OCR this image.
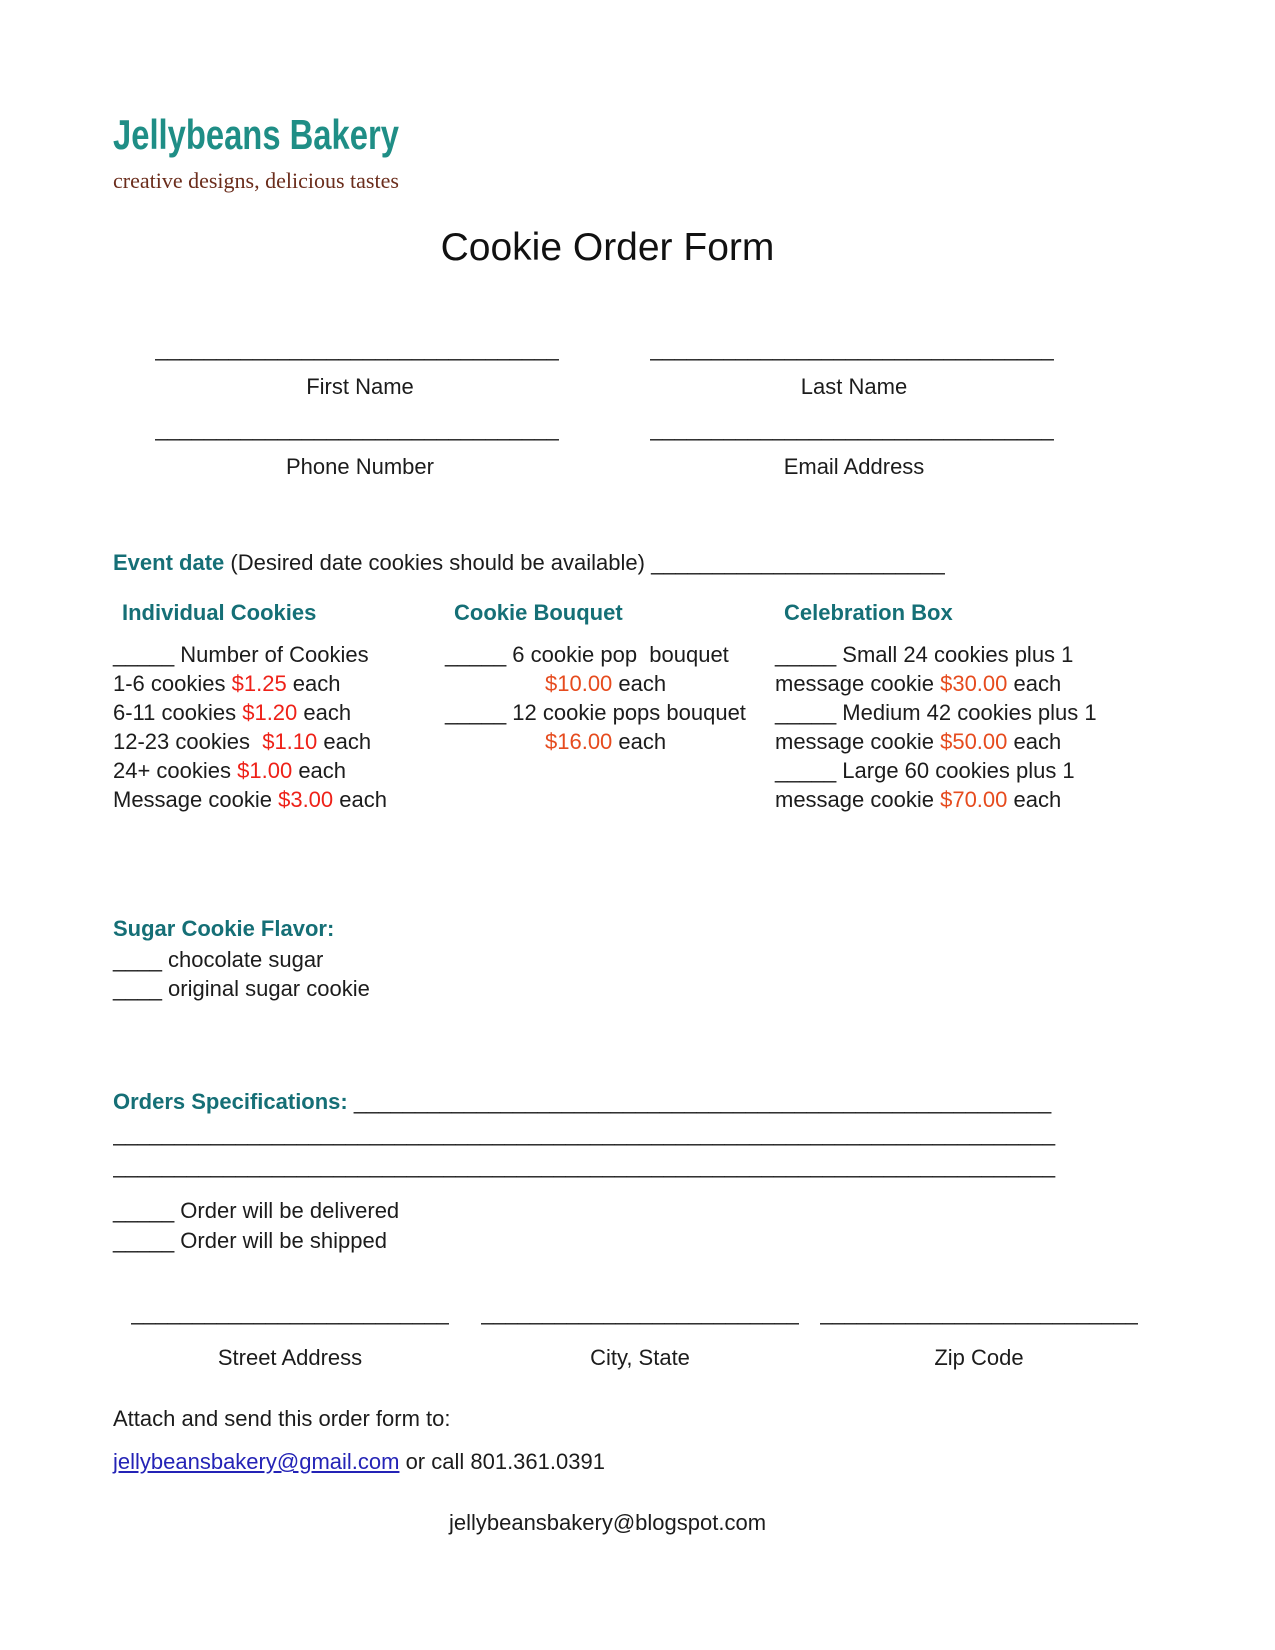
Jellybeans Bakery
creative designs, delicious tastes
Cookie Order Form
_________________________________
First Name
_________________________________
Last Name
_________________________________
Phone Number
_________________________________
Email Address
Event date (Desired date cookies should be available) ________________________
Individual Cookies
_____ Number of Cookies
1-6 cookies $1.25 each
6-11 cookies $1.20 each
12-23 cookies  $1.10 each
24+ cookies $1.00 each
Message cookie $3.00 each
Cookie Bouquet
_____ 6 cookie pop  bouquet
$10.00 each
_____ 12 cookie pops bouquet
$16.00 each
Celebration Box
_____ Small 24 cookies plus 1
message cookie $30.00 each
_____ Medium 42 cookies plus 1
message cookie $50.00 each
_____ Large 60 cookies plus 1
message cookie $70.00 each
Sugar Cookie Flavor:
____ chocolate sugar
____ original sugar cookie
Orders Specifications: _________________________________________________________
_____________________________________________________________________________
_____________________________________________________________________________
_____ Order will be delivered
_____ Order will be shipped
__________________________
Street Address
__________________________
City, State
__________________________
Zip Code
Attach and send this order form to:
jellybeansbakery@gmail.com or call 801.361.0391
jellybeansbakery@blogspot.com
